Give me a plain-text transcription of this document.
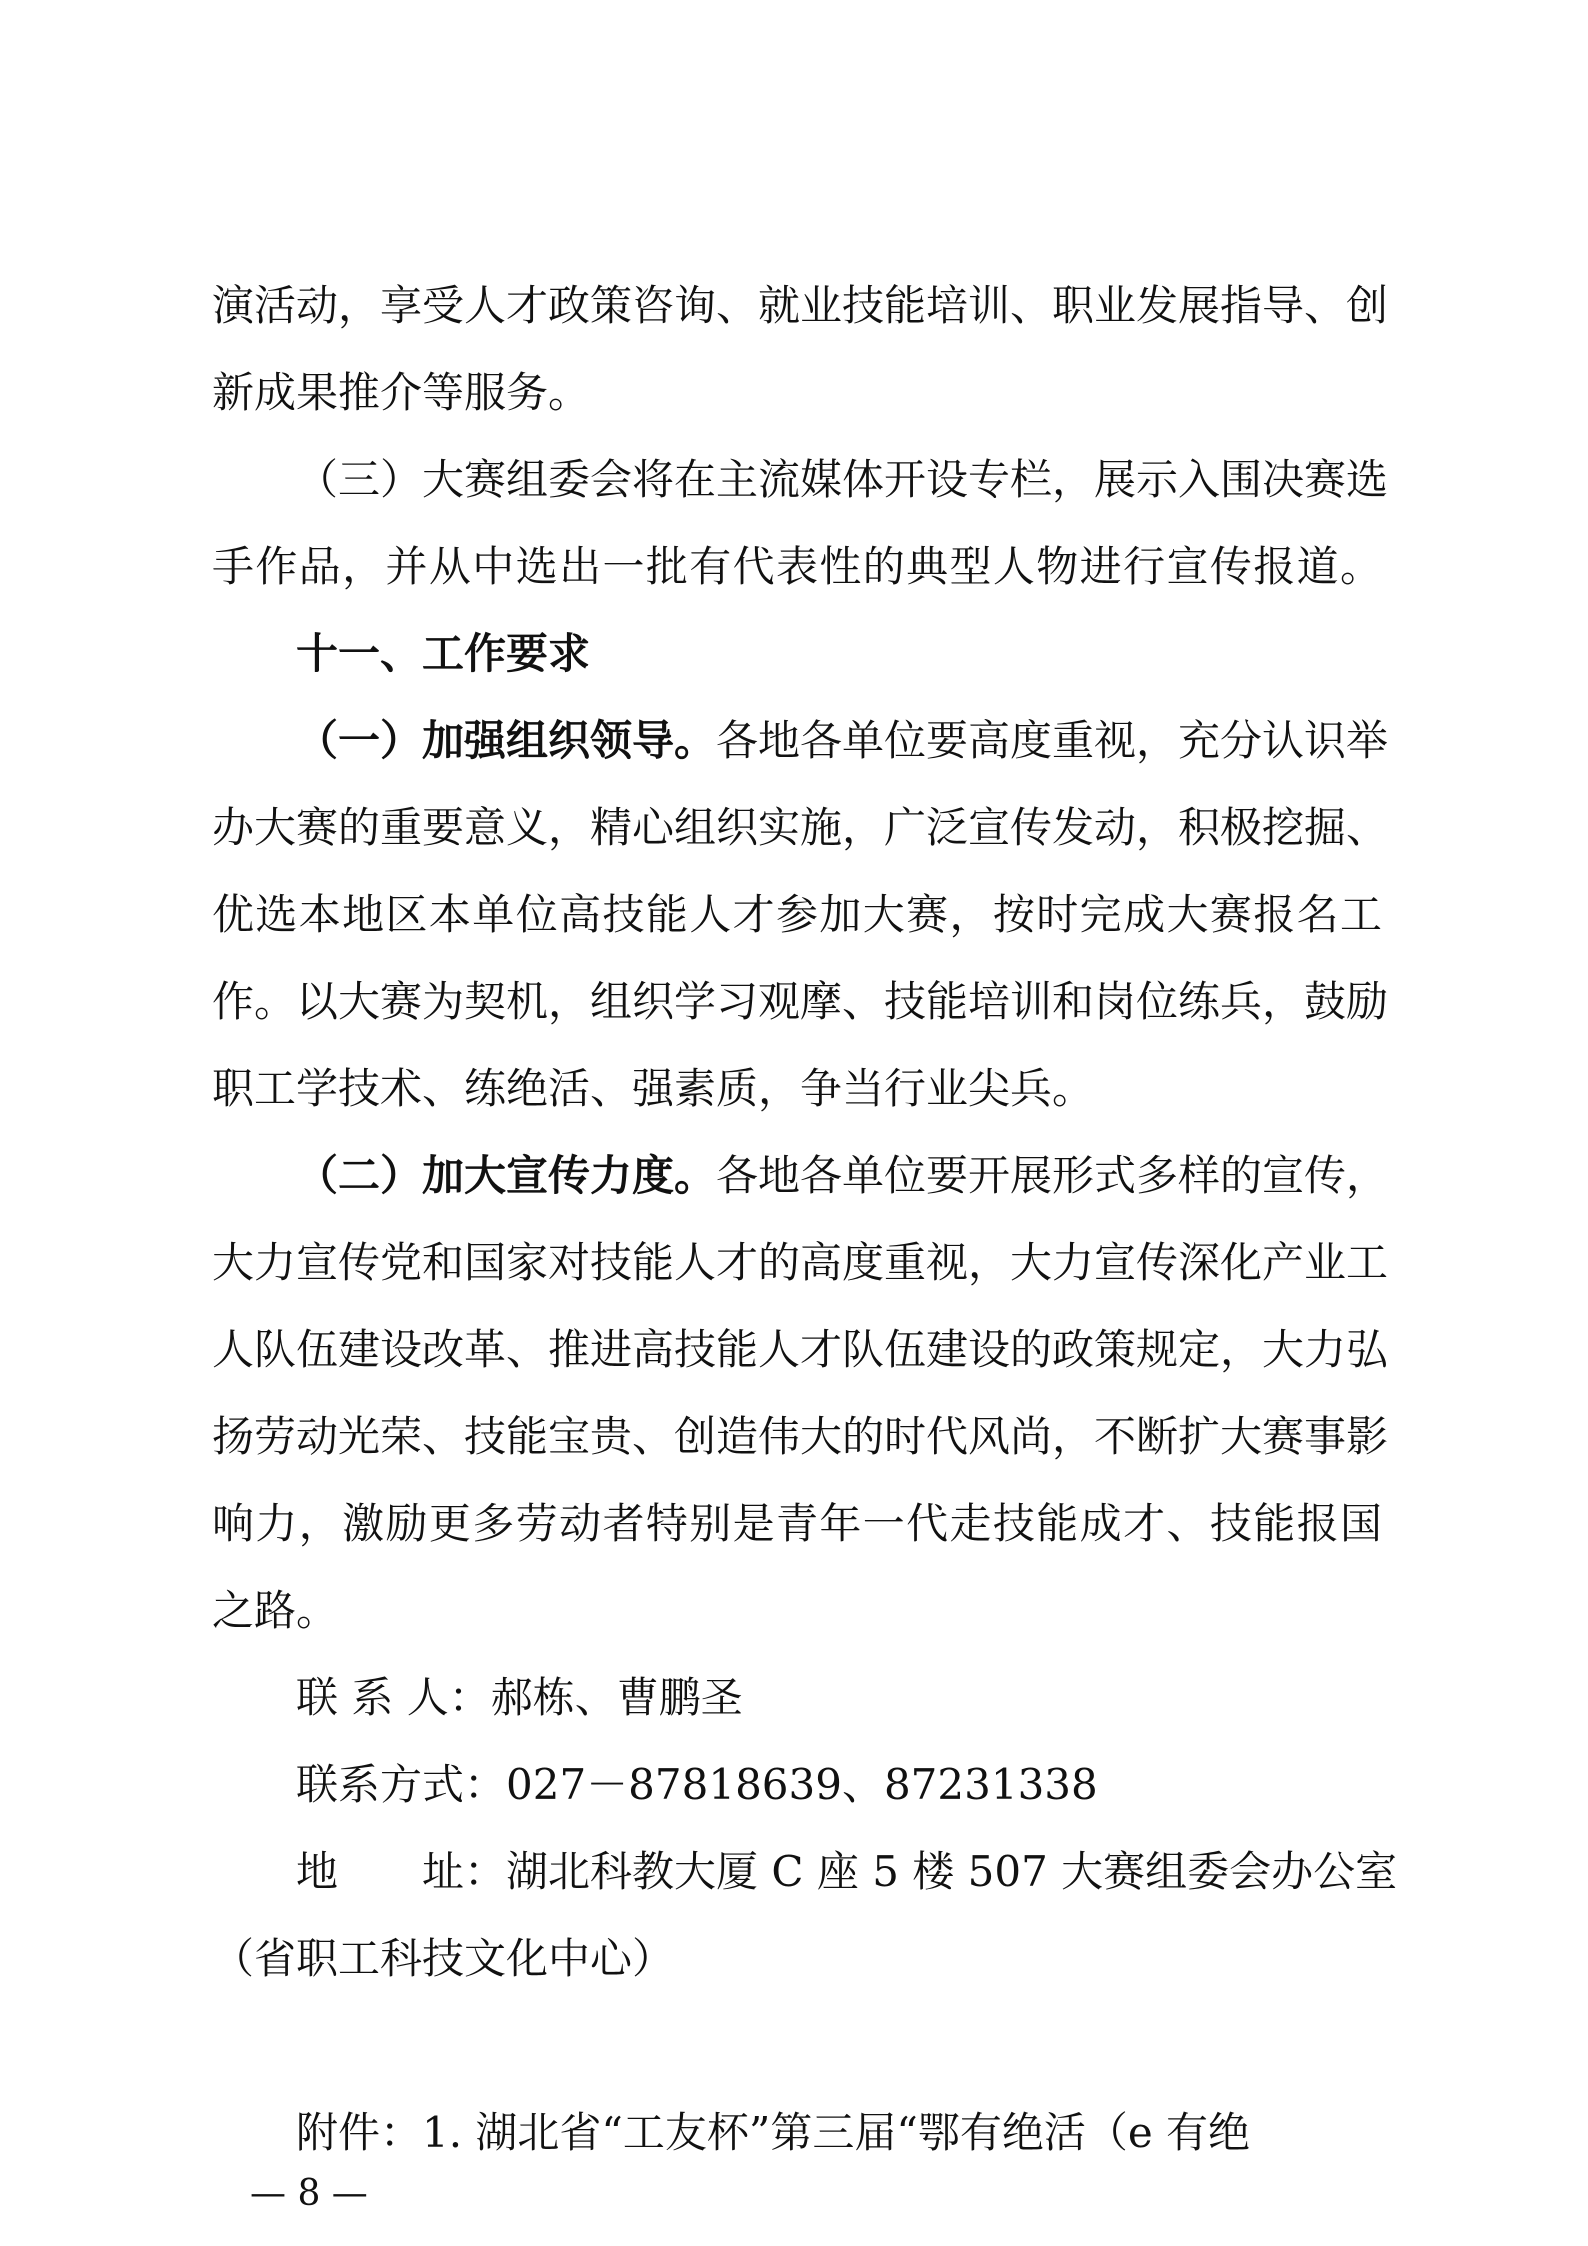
演活动，享受人才政策咨询、就业技能培训、职业发展指导、创
新成果推介等服务。
（三）大赛组委会将在主流媒体开设专栏，展示入围决赛选
手作品，并从中选出一批有代表性的典型人物进行宣传报道。
十一、工作要求
（一）加强组织领导。各地各单位要高度重视，充分认识举
办大赛的重要意义，精心组织实施，广泛宣传发动，积极挖掘、
优选本地区本单位高技能人才参加大赛，按时完成大赛报名工
作。以大赛为契机，组织学习观摩、技能培训和岗位练兵，鼓励
职工学技术、练绝活、强素质，争当行业尖兵。
（二）加大宣传力度。各地各单位要开展形式多样的宣传，
大力宣传党和国家对技能人才的高度重视，大力宣传深化产业工
人队伍建设改革、推进高技能人才队伍建设的政策规定，大力弘
扬劳动光荣、技能宝贵、创造伟大的时代风尚，不断扩大赛事影
响力，激励更多劳动者特别是青年一代走技能成才、技能报国
之路。
联 系 人：郝栋、曹鹏圣
联系方式：027－87818639、87231338
地　　址：湖北科教大厦 C 座 5 楼 507 大赛组委会办公室
（省职工科技文化中心）
附件：1. 湖北省“工友杯”第三届“鄂有绝活（e 有绝
— 8 —
